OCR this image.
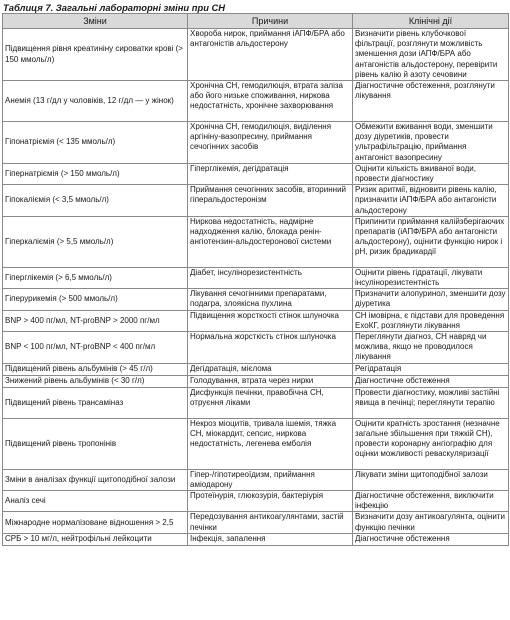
Таблиця 7. Загальні лабораторні зміни при СН
Зміни	Причини	Клінічні дії
Підвищення рівня креатиніну сироватки крові (> 150 ммоль/л)	Хвороба нирок, приймання іАПФ/БРА або антагоністів альдостерону	Визначити рівень клубочкової фільтрації, розглянути можливість зменшення дози іАПФ/БРА або антагоністів альдостерону, перевірити рівень калію й азоту сечовини
Анемія (13 г/дл у чоловіків, 12 г/дл — у жінок)	Хронічна СН, гемодилюція, втрата заліза або його низьке споживання, ниркова недостатність, хронічне захворювання	Діагностичне обстеження, розглянути лікування
Гіпонатріємія (< 135 ммоль/л)	Хронічна СН, гемодилюція, виділення аргініну-вазопресину, приймання сечогінних засобів	Обмежити вживання води, зменшити дозу діуретиків, провести ультрафільтрацію, приймання антагоніст вазопресину
Гіпернатріємія (> 150 ммоль/л)	Гіперглікемія, дегідратація	Оцінити кількість вживаної води, провести діагностику
Гіпокаліємія (< 3,5 ммоль/л)	Приймання сечогінних засобів, вторинний гіперальдостеронізм	Ризик аритмії, відновити рівень калію, призначити іАПФ/БРА або антагоністи альдостерону
Гіперкаліємія (> 5,5 ммоль/л)	Ниркова недостатність, надмірне надходження калію, блокада ренін-ангіотензин-альдостеронової системи	Припинити приймання калійзберігаючих препаратів (іАПФ/БРА або антагоністи альдостерону), оцінити функцію нирок і pH, ризик брадикардії
Гіперглікемія (> 6,5 ммоль/л)	Діабет, інсулінорезистентність	Оцінити рівень гідратації, лікувати інсулінорезистентність
Гіперурикемія (> 500 ммоль/л)	Лікування сечогінними препаратами, подагра, злоякісна пухлина	Призначити алопуринол, зменшити дозу діуретика
BNP > 400 пг/мл, NT-proBNP > 2000 пг/мл	Підвищення жорсткості стінок шлуночка	СН імовірна, є підстави для проведення ЕхоКГ, розглянути лікування
BNP < 100 пг/мл, NT-proBNP < 400 пг/мл	Нормальна жорсткість стінок шлуночка	Переглянути діагноз, СН навряд чи можлива, якщо не проводилося лікування
Підвищений рівень альбумінів (> 45 г/л)	Дегідратація, мієлома	Регідратація
Знижений рівень альбумінів (< 30 г/л)	Голодування, втрата через нирки	Діагностичне обстеження
Підвищений рівень трансаміназ	Дисфункція печінки, правобічна СН, отруєння ліками	Провести діагностику, можливі застійні явища в печінці; переглянути терапію
Підвищений рівень тропонінів	Некроз міоцитів, тривала ішемія, тяжка СН, міокардит, сепсис, ниркова недостатність, легенева емболія	Оцінити кратність зростання (незначне загальне збільшення при тяжкій СН), провести коронарну ангіографію для оцінки можливості реваскуляризації
Зміни в аналізах функції щитоподібної залози	Гіпер-/гіпотиреоїдизм, приймання аміодарону	Лікувати зміни щитоподібної залози
Аналіз сечі	Протеїнурія, глюкозурія, бактеріурія	Діагностичне обстеження, виключити інфекцію
Міжнародне нормалізоване відношення > 2,5	Передозування антикоагулянтами, застій печінки	Визначити дозу антикоагулянта, оцінити функцію печінки
СРБ > 10 мг/л, нейтрофільні лейкоцити	Інфекція, запалення	Діагностичне обстеження
